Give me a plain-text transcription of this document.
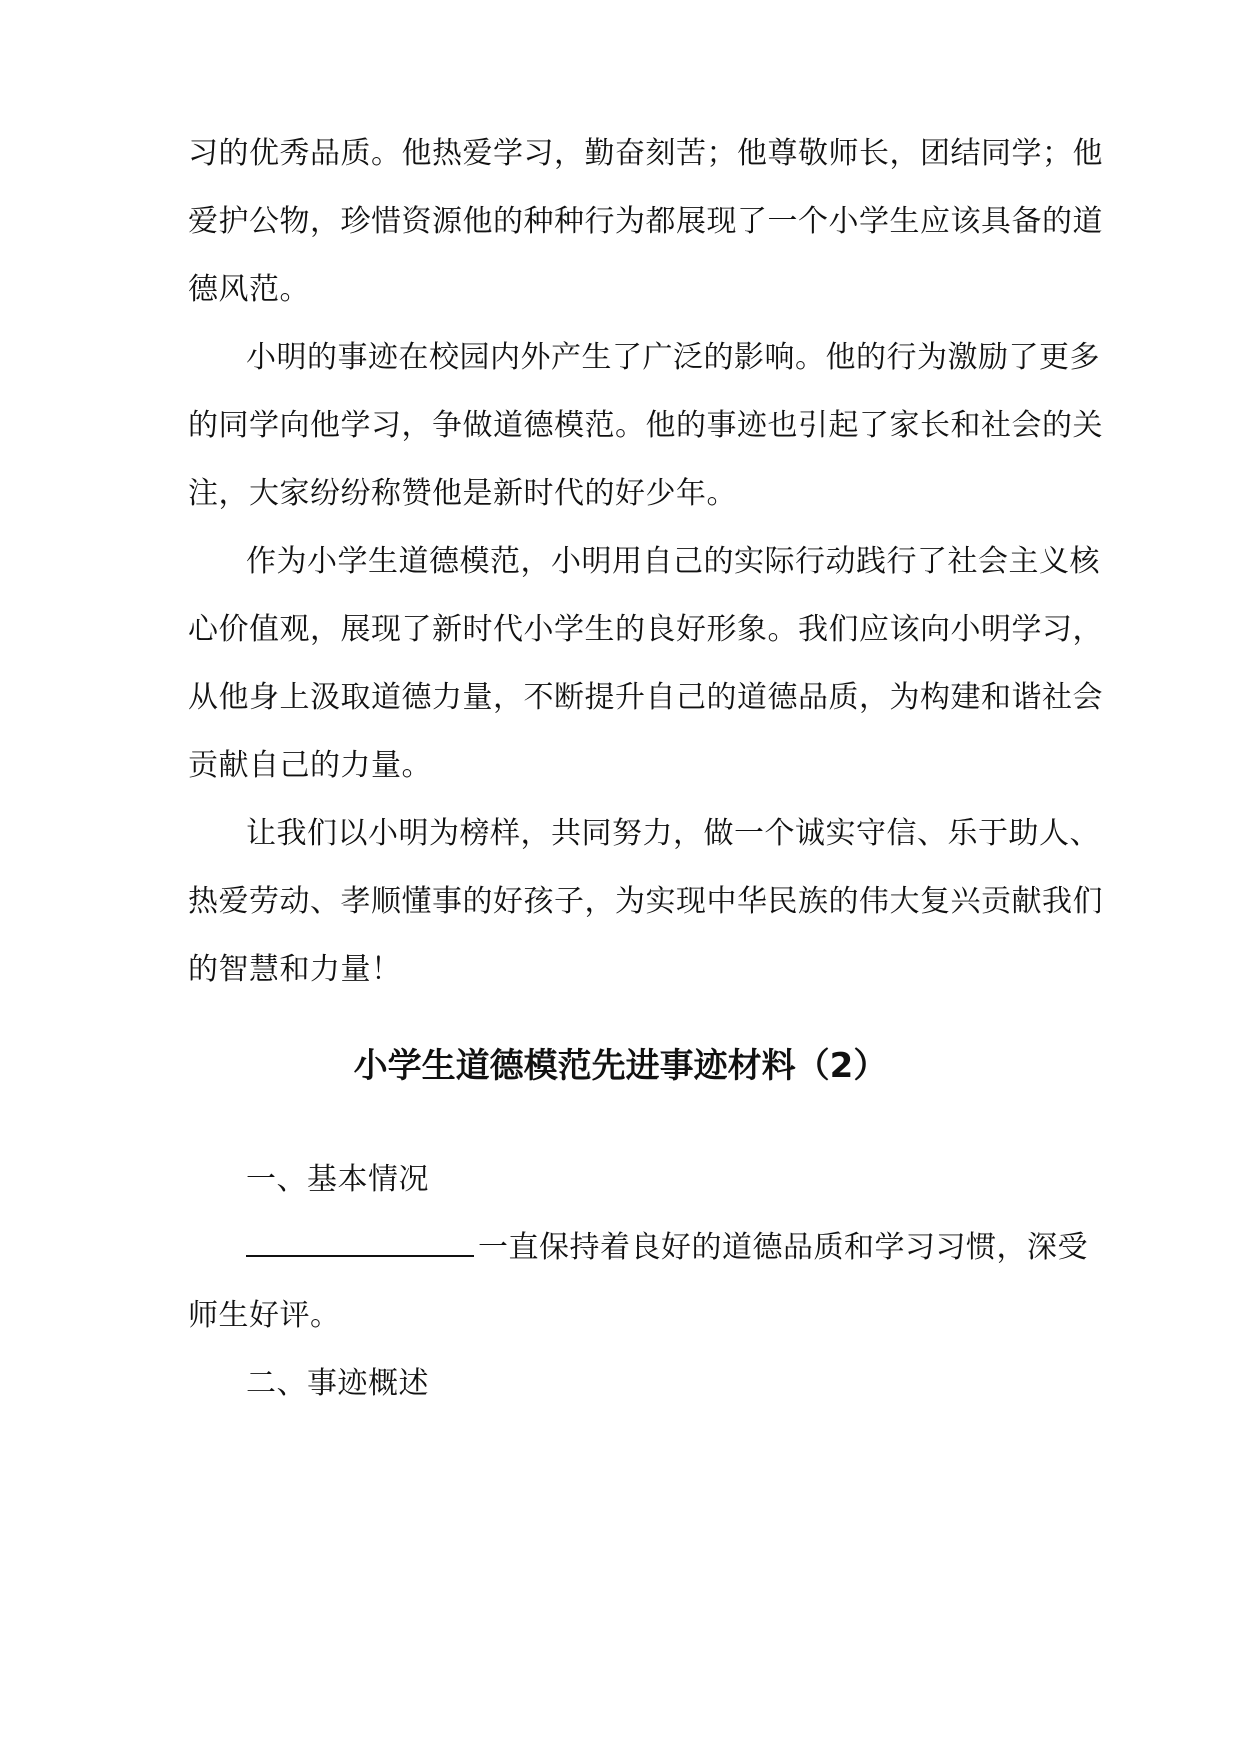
习的优秀品质。他热爱学习，勤奋刻苦；他尊敬师长，团结同学；他
爱护公物，珍惜资源他的种种行为都展现了一个小学生应该具备的道
德风范。
小明的事迹在校园内外产生了广泛的影响。他的行为激励了更多
的同学向他学习，争做道德模范。他的事迹也引起了家长和社会的关
注，大家纷纷称赞他是新时代的好少年。
作为小学生道德模范，小明用自己的实际行动践行了社会主义核
心价值观，展现了新时代小学生的良好形象。我们应该向小明学习，
从他身上汲取道德力量，不断提升自己的道德品质，为构建和谐社会
贡献自己的力量。
让我们以小明为榜样，共同努力，做一个诚实守信、乐于助人、
热爱劳动、孝顺懂事的好孩子，为实现中华民族的伟大复兴贡献我们
的智慧和力量！
小学生道德模范先进事迹材料（2）
一、基本情况
一直保持着良好的道德品质和学习习惯，深受
师生好评。
二、事迹概述
